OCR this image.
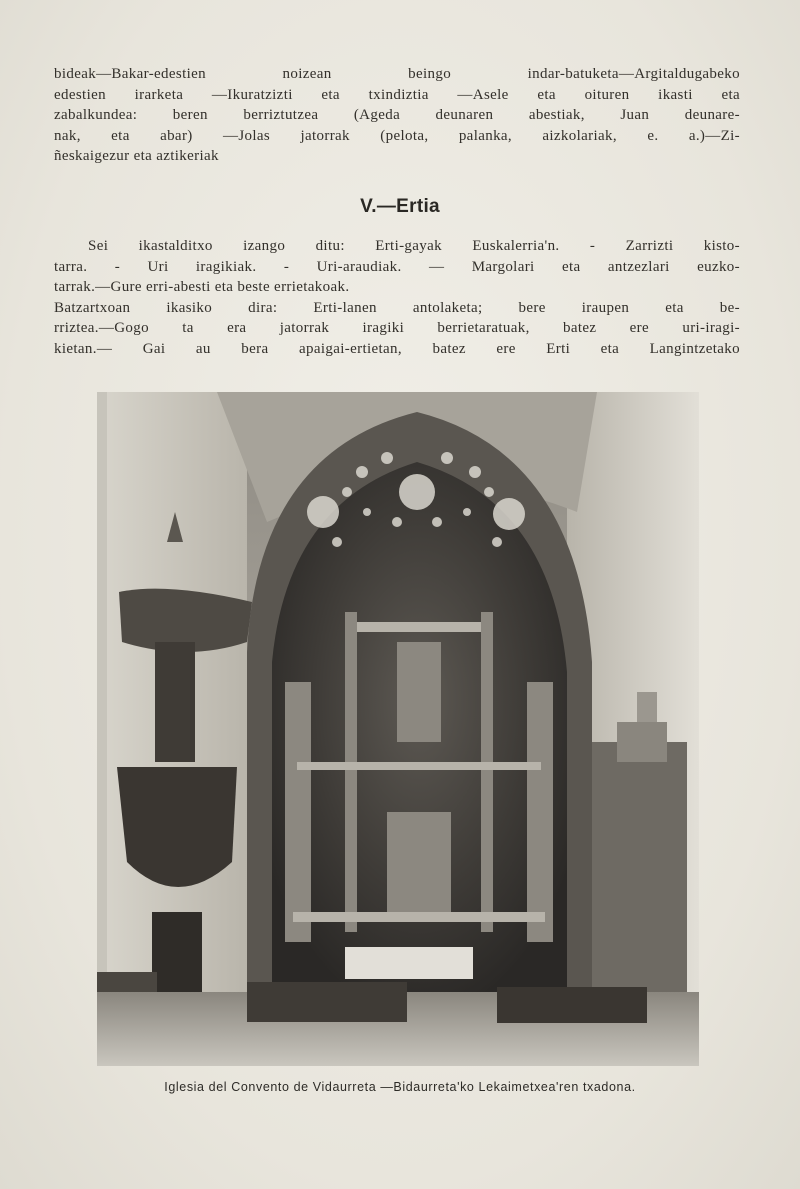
bideak—Bakar-edestien noizean beingo indar-batuketa—Argitaldugabeko
edestien irarketa —Ikuratzizti eta txindiztia —Asele eta oituren ikasti eta
zabalkundea: beren berriztutzea (Ageda deunaren abestiak, Juan deunare-
nak, eta abar) —Jolas jatorrak (pelota, palanka, aizkolariak, e. a.)—Zi-
ñeskaigezur eta aztikeriak
V.—Ertia
Sei ikastalditxo izango ditu: Erti-gayak Euskalerria'n. - Zarrizti kisto-
tarra. - Uri iragikiak. - Uri-araudiak. — Margolari eta antzezlari euzko-
tarrak.—Gure erri-abesti eta beste errietakoak.
Batzartxoan ikasiko dira: Erti-lanen antolaketa; bere iraupen eta be-
rriztea.—Gogo ta era jatorrak iragiki berrietaratuak, batez ere uri-iragi-
kietan.— Gai au bera apaigai-ertietan, batez ere Erti eta Langintzetako
Iglesia del Convento de Vidaurreta —Bidaurreta'ko Lekaimetxea'ren txadona.
